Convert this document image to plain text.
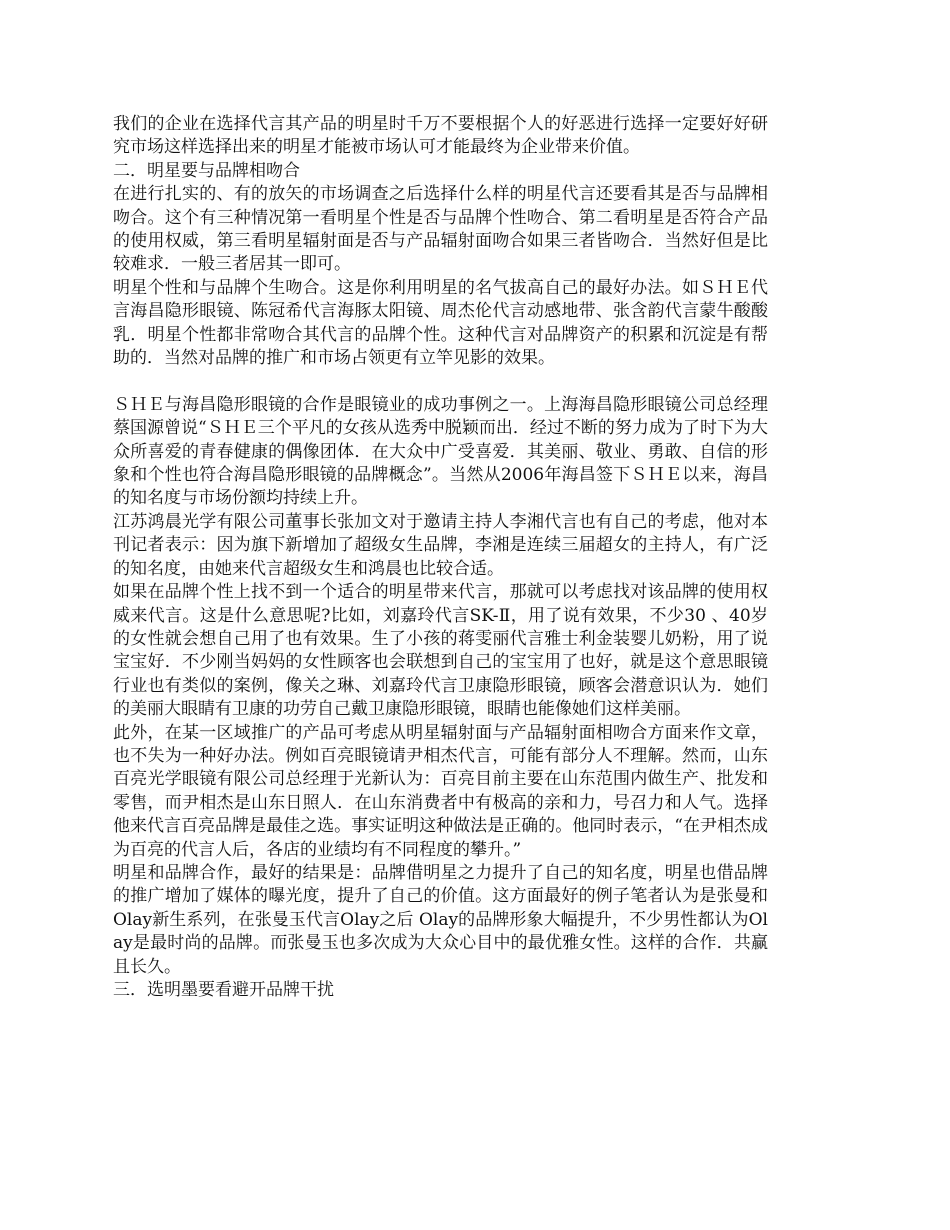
我们的企业在选择代言其产品的明星时千万不要根据个人的好恶进行选择一定要好好研究市场这样选择出来的明星才能被市场认可才能最终为企业带来价值。

二．明星要与品牌相吻合

在进行扎实的、有的放矢的市场调查之后选择什么样的明星代言还要看其是否与品牌相吻合。这个有三种情况第一看明星个性是否与品牌个性吻合、第二看明星是否符合产品的使用权威，第三看明星辐射面是否与产品辐射面吻合如果三者皆吻合．当然好但是比较难求．一般三者居其一即可。

明星个性和与品牌个生吻合。这是你利用明星的名气拔高自己的最好办法。如ＳＨＥ代言海昌隐形眼镜、陈冠希代言海豚太阳镜、周杰伦代言动感地带、张含韵代言蒙牛酸酸乳．明星个性都非常吻合其代言的品牌个性。这种代言对品牌资产的积累和沉淀是有帮助的．当然对品牌的推广和市场占领更有立竿见影的效果。

ＳＨＥ与海昌隐形眼镜的合作是眼镜业的成功事例之一。上海海昌隐形眼镜公司总经理蔡国源曾说“ＳＨＥ三个平凡的女孩从选秀中脱颖而出．经过不断的努力成为了时下为大众所喜爱的青春健康的偶像团体．在大众中广受喜爱．其美丽、敬业、勇敢、自信的形象和个性也符合海昌隐形眼镜的品牌概念”。当然从2006年海昌签下ＳＨＥ以来，海昌的知名度与市场份额均持续上升。

江苏鸿晨光学有限公司董事长张加文对于邀请主持人李湘代言也有自己的考虑，他对本刊记者表示：因为旗下新增加了超级女生品牌，李湘是连续三届超女的主持人，有广泛的知名度，由她来代言超级女生和鸿晨也比较合适。

如果在品牌个性上找不到一个适合的明星带来代言，那就可以考虑找对该品牌的使用权威来代言。这是什么意思呢?比如，刘嘉玲代言SK-Ⅱ，用了说有效果，不少30 、40岁的女性就会想自己用了也有效果。生了小孩的蒋雯丽代言雅士利金装婴儿奶粉，用了说宝宝好．不少刚当妈妈的女性顾客也会联想到自己的宝宝用了也好，就是这个意思眼镜行业也有类似的案例，像关之琳、刘嘉玲代言卫康隐形眼镜，顾客会潜意识认为．她们的美丽大眼睛有卫康的功劳自己戴卫康隐形眼镜，眼睛也能像她们这样美丽。

此外，在某一区域推广的产品可考虑从明星辐射面与产品辐射面相吻合方面来作文章，也不失为一种好办法。例如百亮眼镜请尹相杰代言，可能有部分人不理解。然而，山东百亮光学眼镜有限公司总经理于光新认为：百亮目前主要在山东范围内做生产、批发和零售，而尹相杰是山东日照人．在山东消费者中有极高的亲和力，号召力和人气。选择他来代言百亮品牌是最佳之选。事实证明这种做法是正确的。他同时表示，“在尹相杰成为百亮的代言人后，各店的业绩均有不同程度的攀升。”

明星和品牌合作，最好的结果是：品牌借明星之力提升了自己的知名度，明星也借品牌的推广增加了媒体的曝光度，提升了自己的价值。这方面最好的例子笔者认为是张曼和Olay新生系列，在张曼玉代言Olay之后 Olay的品牌形象大幅提升，不少男性都认为Olay是最时尚的品牌。而张曼玉也多次成为大众心目中的最优雅女性。这样的合作．共赢且长久。

三．选明墨要看避开品牌干扰
